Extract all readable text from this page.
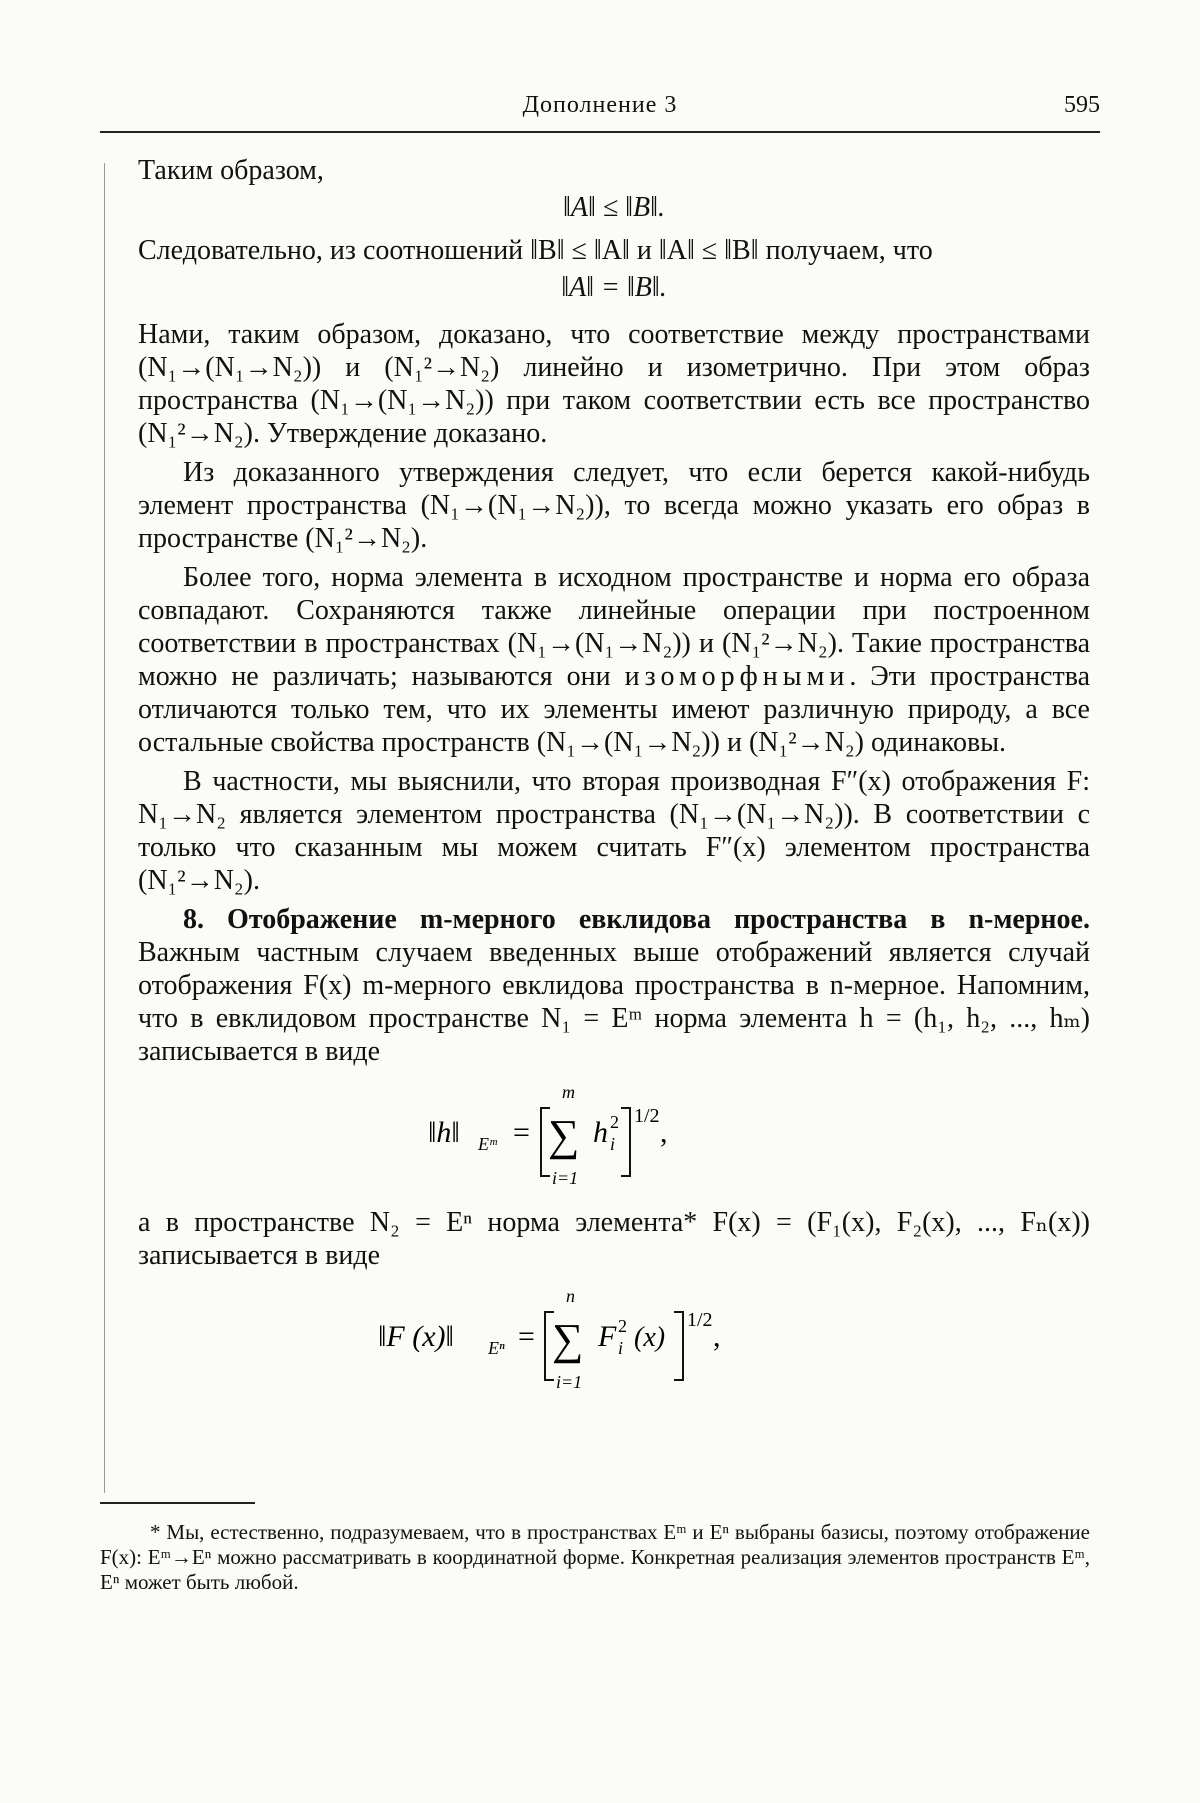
Дополнение 3	595

Таким образом,

‖A‖ ≤ ‖B‖.

Следовательно, из соотношений ‖B‖ ≤ ‖A‖ и ‖A‖ ≤ ‖B‖ получаем, что

‖A‖ = ‖B‖.

Нами, таким образом, доказано, что соответствие между пространствами (N₁→(N₁→N₂)) и (N₁²→N₂) линейно и изометрично. При этом образ пространства (N₁→(N₁→N₂)) при таком соответствии есть все пространство (N₁²→N₂). Утверждение доказано.

Из доказанного утверждения следует, что если берется какой-нибудь элемент пространства (N₁→(N₁→N₂)), то всегда можно указать его образ в пространстве (N₁²→N₂).

Более того, норма элемента в исходном пространстве и норма его образа совпадают. Сохраняются также линейные операции при построенном соответствии в пространствах (N₁→(N₁→N₂)) и (N₁²→N₂). Такие пространства можно не различать; называются они изоморфными. Эти пространства отличаются только тем, что их элементы имеют различную природу, а все остальные свойства пространств (N₁→(N₁→N₂)) и (N₁²→N₂) одинаковы.

В частности, мы выяснили, что вторая производная F″(x) отображения F: N₁→N₂ является элементом пространства (N₁→(N₁→N₂)). В соответствии с только что сказанным мы можем считать F″(x) элементом пространства (N₁²→N₂).

8. Отображение m-мерного евклидова пространства в n-мерное. Важным частным случаем введенных выше отображений является случай отображения F(x) m-мерного евклидова пространства в n-мерное. Напомним, что в евклидовом пространстве N₁ = Eᵐ норма элемента h = (h₁, h₂, ..., hₘ) записывается в виде

‖h‖ Eᵐ =
m
∑
i=1
h 2
i
1/2 ,

а в пространстве N₂ = Eⁿ норма элемента* F(x) = (F₁(x), F₂(x), ..., Fₙ(x)) записывается в виде

‖F (x)‖ Eⁿ =
n
∑
i=1
F 2
i (x)
1/2 ,

* Мы, естественно, подразумеваем, что в пространствах Eᵐ и Eⁿ выбраны базисы, поэтому отображение F(x): Eᵐ→Eⁿ можно рассматривать в координатной форме. Конкретная реализация элементов пространств Eᵐ, Eⁿ может быть любой.
